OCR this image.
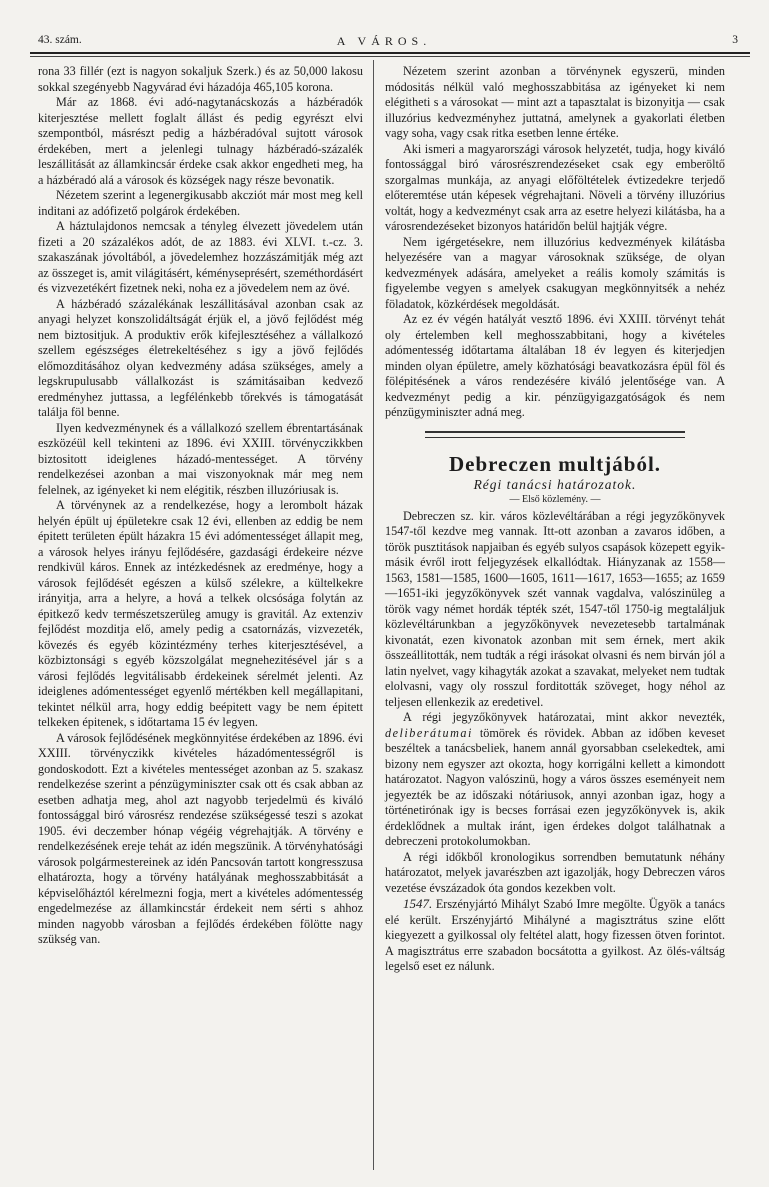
43. szám.	A VÁROS.	3

rona 33 fillér (ezt is nagyon sokaljuk Szerk.) és az 50,000 lakosu sokkal szegényebb Nagyvárad évi házadója 465,105 korona.

Már az 1868. évi adó-nagytanácskozás a házbéradók kiterjesztése mellett foglalt állást és pedig egyrészt elvi szempontból, másrészt pedig a házbéradóval sujtott városok érdekében, mert a jelenlegi tulnagy házbéradó-százalék leszállitását az államkincsár érdeke csak akkor engedheti meg, ha a házbéradó alá a városok és községek nagy része bevonatik.

Nézetem szerint a legenergikusabb akcziót már most meg kell inditani az adófizető polgárok érdekében.

A háztulajdonos nemcsak a tényleg élvezett jövedelem után fizeti a 20 százalékos adót, de az 1883. évi XLVI. t.-cz. 3. szakaszának jóvoltából, a jövedelemhez hozzászámitják még azt az összeget is, amit világitásért, kéményseprésért, szeméthordásért és vizvezetékért fizetnek neki, noha ez a jövedelem nem az övé.

A házbéradó százalékának leszállitásával azonban csak az anyagi helyzet konszolidáltságát érjük el, a jövő fejlődést még nem biztositjuk. A produktiv erők kifejlesztéséhez a vállalkozó szellem egészséges életrekeltéséhez s igy a jövő fejlődés előmozditásához olyan kedvezmény adása szükséges, amely a legskrupulusabb vállalkozást is számitásaiban kedvező eredményhez juttassa, a legfélénkebb tőrekvés is támogatását találja föl benne.

Ilyen kedvezménynek és a vállalkozó szellem ébrentartásának eszközéül kell tekinteni az 1896. évi XXIII. törvényczikkben biztositott ideiglenes házadó-mentességet. A törvény rendelkezései azonban a mai viszonyoknak már meg nem felelnek, az igényeket ki nem elégitik, részben illuzóriusak is.

A törvénynek az a rendelkezése, hogy a lerombolt házak helyén épült uj épületekre csak 12 évi, ellenben az eddig be nem épitett területen épült házakra 15 évi adómentességet állapit meg, a városok helyes irányu fejlődésére, gazdasági érdekeire nézve rendkivül káros. Ennek az intézkedésnek az eredménye, hogy a városok fejlődését egészen a külső szélekre, a kültelkekre irányitja, arra a helyre, a hová a telkek olcsósága folytán az épitkező kedv természetszerüleg amugy is gravitál. Az extenziv fejlődést mozditja elő, amely pedig a csatornázás, vizvezeték, kövezés és egyéb közintézmény terhes kiterjesztésével, a közbiztonsági s egyéb közszolgálat megnehezitésével jár s a városi fejlődés legvitálisabb érdekeinek sérelmét jelenti. Az ideiglenes adómentességet egyenlő mértékben kell megállapitani, tekintet nélkül arra, hogy eddig beépitett vagy be nem épitett telkeken épitenek, s időtartama 15 év legyen.

A városok fejlődésének megkönnyitése érdekében az 1896. évi XXIII. törvényczikk kivételes házadómentességről is gondoskodott. Ezt a kivételes mentességet azonban az 5. szakasz rendelkezése szerint a pénzügyminiszter csak ott és csak abban az esetben adhatja meg, ahol azt nagyobb terjedelmü és kiváló fontossággal biró városrész rendezése szükségessé teszi s azokat 1905. évi deczember hónap végéig végrehajtják. A törvény e rendelkezésének ereje tehát az idén megszünik. A törvényhatósági városok polgármestereinek az idén Pancsován tartott kongresszusa elhatározta, hogy a törvény hatályának meghosszabbitását a képviselőháztól kérelmezni fogja, mert a kivételes adómentesség engedelmezése az államkincstár érdekeit nem sérti s ahhoz minden nagyobb városban a fejlődés érdekében fölötte nagy szükség van.

Nézetem szerint azonban a törvénynek egyszerü, minden módositás nélkül való meghosszabbitása az igényeket ki nem elégitheti s a városokat — mint azt a tapasztalat is bizonyitja — csak illuzórius kedvezményhez juttatná, amelynek a gyakorlati életben vagy soha, vagy csak ritka esetben lenne értéke.

Aki ismeri a magyarországi városok helyzetét, tudja, hogy kiváló fontossággal biró városrészrendezéseket csak egy emberöltő szorgalmas munkája, az anyagi előföltételek évtizedekre terjedő előteremtése után képesek végrehajtani. Növeli a törvény illuzórius voltát, hogy a kedvezményt csak arra az esetre helyezi kilátásba, ha a városrendezéseket bizonyos határidőn belül hajtják végre.

Nem igérgetésekre, nem illuzórius kedvezmények kilátásba helyezésére van a magyar városoknak szüksége, de olyan kedvezmények adására, amelyeket a reális komoly számitás is figyelembe vegyen s amelyek csakugyan megkönnyitsék a nehéz föladatok, közkérdések megoldását.

Az ez év végén hatályát vesztő 1896. évi XXIII. törvényt tehát oly értelemben kell meghosszabbitani, hogy a kivételes adómentesség időtartama általában 18 év legyen és kiterjedjen minden olyan épületre, amely közhatósági beavatkozásra épül föl és fölépitésének a város rendezésére kiváló jelentősége van. A kedvezményt pedig a kir. pénzügyigazgatóságok és nem pénzügyminiszter adná meg.

Debreczen multjából.
Régi tanácsi határozatok.
— Első közlemény. —

Debreczen sz. kir. város közlevéltárában a régi jegyzőkönyvek 1547-től kezdve meg vannak. Itt-ott azonban a zavaros időben, a török pusztitások napjaiban és egyéb sulyos csapások közepett egyik-másik évről irott feljegyzések elkallódtak. Hiányzanak az 1558—1563, 1581—1585, 1600—1605, 1611—1617, 1653—1655; az 1659—1651-iki jegyzőkönyvek szét vannak vagdalva, valószinüleg a török vagy német hordák tépték szét, 1547-től 1750-ig megtaláljuk közlevéltárunkban a jegyzőkönyvek nevezetesebb tartalmának kivonatát, ezen kivonatok azonban mit sem érnek, mert akik összeállitották, nem tudták a régi irásokat olvasni és nem birván jól a latin nyelvet, vagy kihagyták azokat a szavakat, melyeket nem tudtak elolvasni, vagy oly rosszul forditották szöveget, hogy néhol az teljesen ellenkezik az eredetivel.

A régi jegyzőkönyvek határozatai, mint akkor nevezték, deliberátumai tömörek és rövidek. Abban az időben keveset beszéltek a tanácsbeliek, hanem annál gyorsabban cselekedtek, ami bizony nem egyszer azt okozta, hogy korrigálni kellett a kimondott határozatot. Nagyon valószinü, hogy a város összes eseményeit nem jegyezték be az időszaki nótáriusok, annyi azonban igaz, hogy a történetirónak igy is becses forrásai ezen jegyzőkönyvek is, akik érdeklődnek a multak iránt, igen érdekes dolgot találhatnak a debreczeni protokolumokban.

A régi időkből kronologikus sorrendben bemutatunk néhány határozatot, melyek javarészben azt igazolják, hogy Debreczen város vezetése évszázadok óta gondos kezekben volt.

1547. Erszényjártó Mihályt Szabó Imre megölte. Ügyök a tanács elé került. Erszényjártó Mihályné a magisztrátus szine előtt kiegyezett a gyilkossal oly feltétel alatt, hogy fizessen ötven forintot. A magisztrátus erre szabadon bocsátotta a gyilkost. Az ölés-váltság legelső eset ez nálunk.
